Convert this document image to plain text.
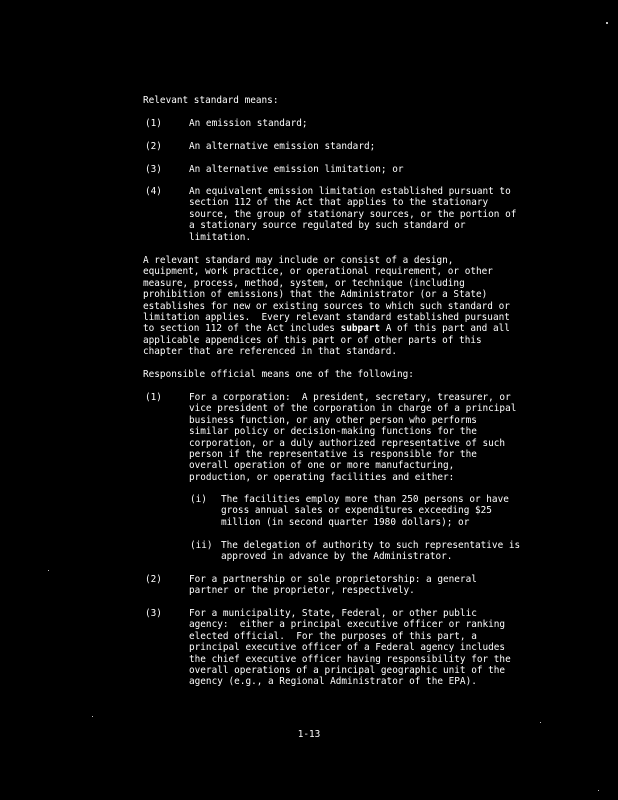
Relevant standard means:
(1)	An emission standard;
(2)	An alternative emission standard;
(3)	An alternative emission limitation; or
(4)	An equivalent emission limitation established pursuant to
section 112 of the Act that applies to the stationary
source, the group of stationary sources, or the portion of
a stationary source regulated by such standard or
limitation.
A relevant standard may include or consist of a design,
equipment, work practice, or operational requirement, or other
measure, process, method, system, or technique (including
prohibition of emissions) that the Administrator (or a State)
establishes for new or existing sources to which such standard or
limitation applies.  Every relevant standard established pursuant
to section 112 of the Act includes subpart A of this part and all
applicable appendices of this part or of other parts of this
chapter that are referenced in that standard.
Responsible official means one of the following:
(1)	For a corporation:  A president, secretary, treasurer, or
vice president of the corporation in charge of a principal
business function, or any other person who performs
similar policy or decision-making functions for the
corporation, or a duly authorized representative of such
person if the representative is responsible for the
overall operation of one or more manufacturing,
production, or operating facilities and either:
(i) The facilities employ more than 250 persons or have
gross annual sales or expenditures exceeding $25
million (in second quarter 1980 dollars); or
(ii) The delegation of authority to such representative is
approved in advance by the Administrator.
(2)	For a partnership or sole proprietorship: a general
partner or the proprietor, respectively.
(3)	For a municipality, State, Federal, or other public
agency:  either a principal executive officer or ranking
elected official.  For the purposes of this part, a
principal executive officer of a Federal agency includes
the chief executive officer having responsibility for the
overall operations of a principal geographic unit of the
agency (e.g., a Regional Administrator of the EPA).
1-13
